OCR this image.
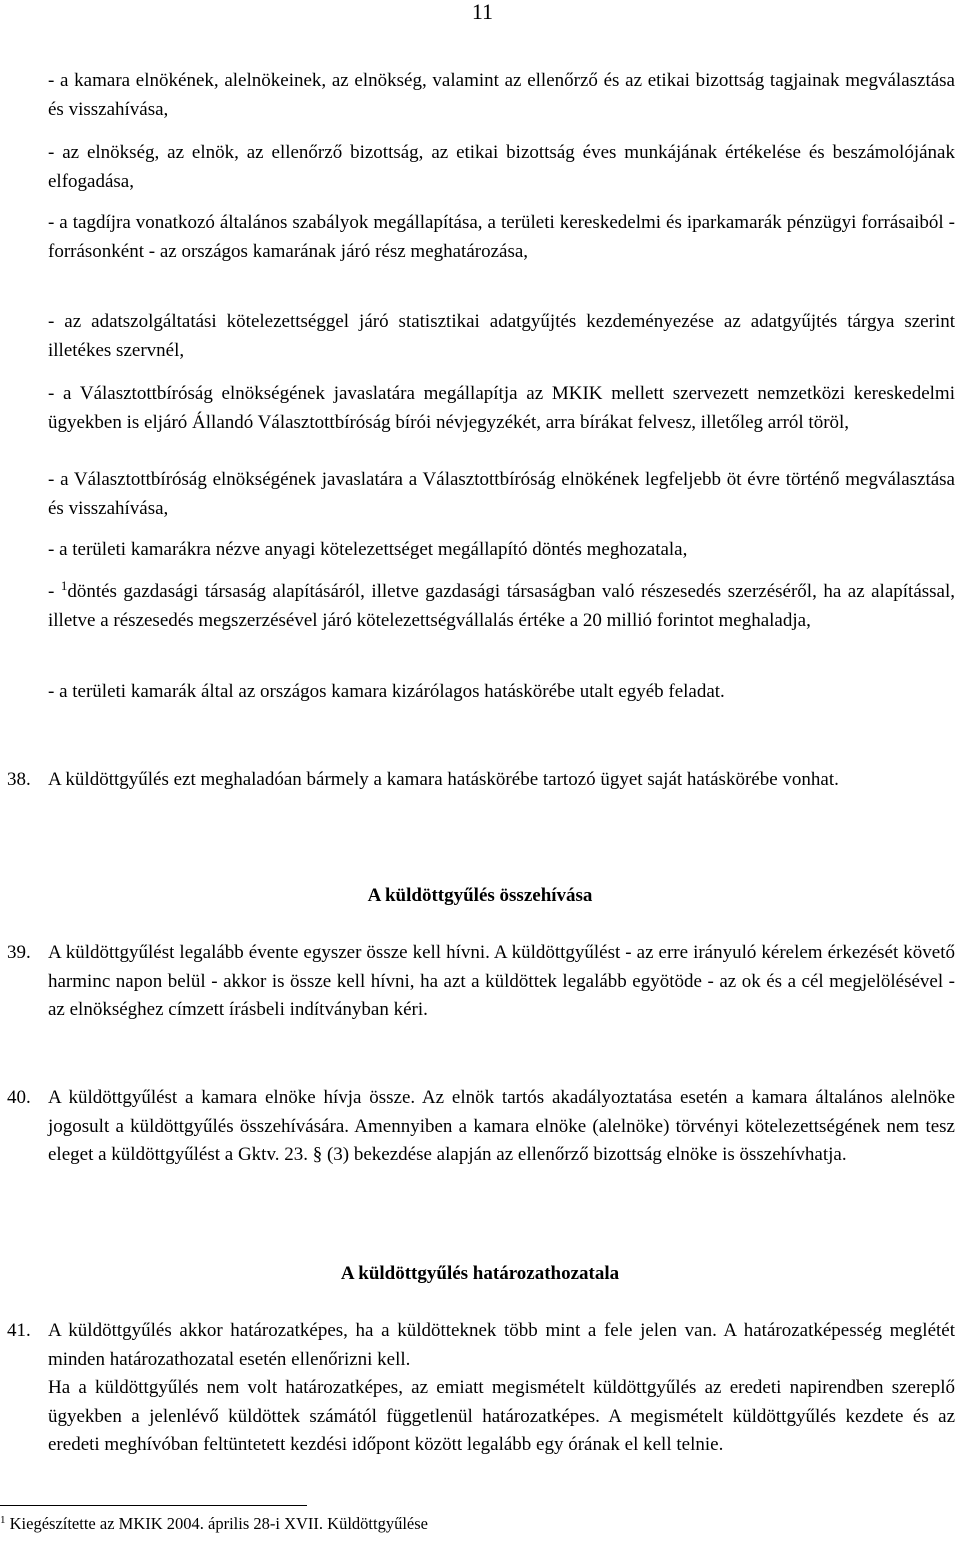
11

- a kamara elnökének, alelnökeinek, az elnökség, valamint az ellenőrző és az etikai bizottság tagjainak megválasztása és visszahívása,

- az elnökség, az elnök, az ellenőrző bizottság, az etikai bizottság éves munkájának értékelése és beszámolójának elfogadása,

- a tagdíjra vonatkozó általános szabályok megállapítása, a területi kereskedelmi és iparkamarák pénzügyi forrásaiból - forrásonként - az országos kamarának járó rész meghatározása,

- az adatszolgáltatási kötelezettséggel járó statisztikai adatgyűjtés kezdeményezése az adatgyűjtés tárgya szerint illetékes szervnél,

- a Választottbíróság elnökségének javaslatára megállapítja az MKIK mellett szervezett nemzetközi kereskedelmi ügyekben is eljáró Állandó Választottbíróság bírói névjegyzékét, arra bírákat felvesz, illetőleg arról töröl,

- a Választottbíróság elnökségének javaslatára a Választottbíróság elnökének legfeljebb öt évre történő megválasztása és visszahívása,

- a területi kamarákra nézve anyagi kötelezettséget megállapító döntés meghozatala,

- $^1$döntés gazdasági társaság alapításáról, illetve gazdasági társaságban való részesedés szerzéséről, ha az alapítással, illetve a részesedés megszerzésével járó kötelezettségvállalás értéke a 20 millió forintot meghaladja,

- a területi kamarák által az országos kamara kizárólagos hatáskörébe utalt egyéb feladat.

38. A küldöttgyűlés ezt meghaladóan bármely a kamara hatáskörébe tartozó ügyet saját hatáskörébe vonhat.
A küldöttgyűlés összehívása
39. A küldöttgyűlést legalább évente egyszer össze kell hívni. A küldöttgyűlést - az erre irányuló kérelem érkezését követő harminc napon belül - akkor is össze kell hívni, ha azt a küldöttek legalább egyötöde - az ok és a cél megjelölésével - az elnökséghez címzett írásbeli indítványban kéri.
40. A küldöttgyűlést a kamara elnöke hívja össze. Az elnök tartós akadályoztatása esetén a kamara általános alelnöke jogosult a küldöttgyűlés összehívására. Amennyiben a kamara elnöke (alelnöke) törvényi kötelezettségének nem tesz eleget a küldöttgyűlést a Gktv. 23. § (3) bekezdése alapján az ellenőrző bizottság elnöke is összehívhatja.
A küldöttgyűlés határozathozatala
41. A küldöttgyűlés akkor határozatképes, ha a küldötteknek több mint a fele jelen van. A határozatképesség meglétét minden határozathozatal esetén ellenőrizni kell.
Ha a küldöttgyűlés nem volt határozatképes, az emiatt megismételt küldöttgyűlés az eredeti napirendben szereplő ügyekben a jelenlévő küldöttek számától függetlenül határozatképes. A megismételt küldöttgyűlés kezdete és az eredeti meghívóban feltüntetett kezdési időpont között legalább egy órának el kell telnie.
$^1$ Kiegészítette az MKIK 2004. április 28-i XVII. Küldöttgyűlése
